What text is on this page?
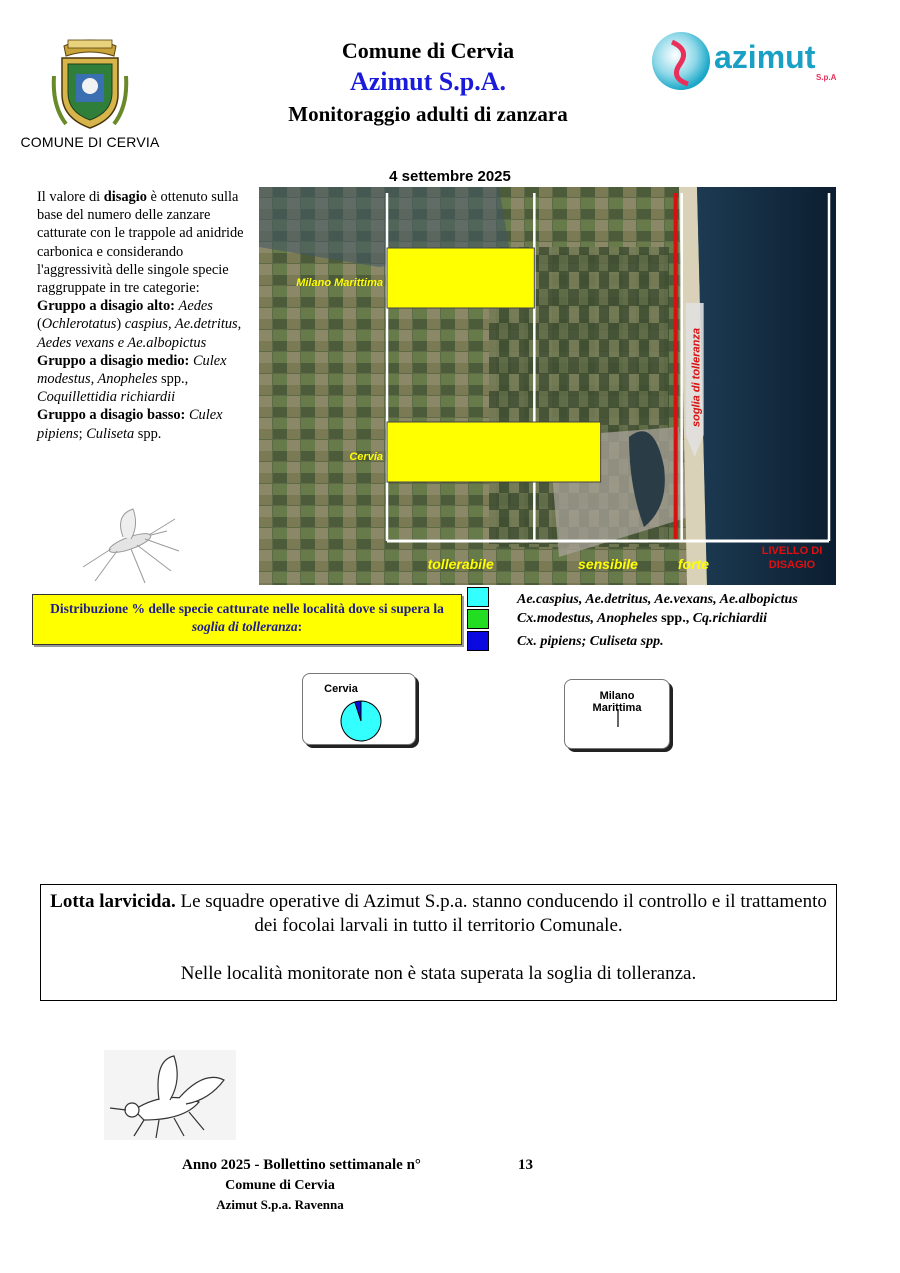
COMUNE DI CERVIA
Comune di Cervia
Azimut S.p.A.
Monitoraggio adulti di zanzara
azimut
S.p.A
4 settembre 2025
Il valore di disagio è ottenuto sulla base del numero delle zanzare catturate con le trappole ad anidride carbonica e considerando l'aggressività delle singole specie raggruppate in tre categorie:
Gruppo a disagio alto: Aedes (Ochlerotatus) caspius, Ae.detritus, Aedes vexans e Ae.albopictus
Gruppo a disagio medio: Culex modestus, Anopheles spp., Coquillettidia richiardii
Gruppo a disagio basso: Culex pipiens; Culiseta spp.
Milano Marittima
Cervia
soglia di tolleranza
tollerabile	sensibile	forte
LIVELLO DI
DISAGIO
Distribuzione % delle specie catturate nelle località dove si supera la soglia di tolleranza:
Ae.caspius, Ae.detritus, Ae.vexans, Ae.albopictus
Cx.modestus, Anopheles spp., Cq.richiardii
Cx. pipiens; Culiseta spp.
Cervia
Milano
Marittima

Lotta larvicida. Le squadre operative di Azimut S.p.a. stanno conducendo il controllo e il trattamento dei focolai larvali in tutto il territorio Comunale.

Nelle località monitorate non è stata superata la soglia di tolleranza.

Anno 2025 - Bollettino settimanale n°	13
Comune di Cervia
Azimut S.p.a. Ravenna
